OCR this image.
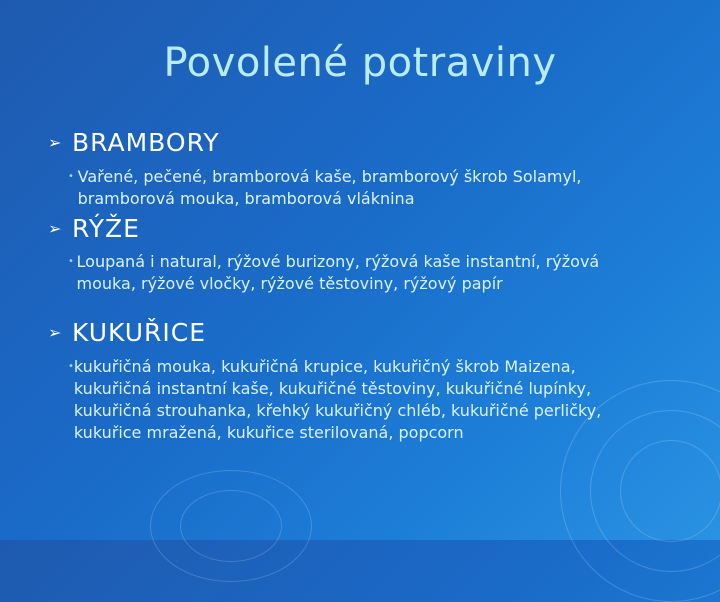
Povolené potraviny
➢ BRAMBORY
• Vařené, pečené, bramborová kaše, bramborový škrob Solamyl, bramborová mouka, bramborová vláknina
➢ RÝŽE
• Loupaná i natural, rýžové burizony, rýžová kaše instantní, rýžová mouka, rýžové vločky, rýžové těstoviny, rýžový papír
➢ KUKUŘICE
• kukuřičná mouka, kukuřičná krupice, kukuřičný škrob Maizena, kukuřičná instantní kaše, kukuřičné těstoviny, kukuřičné lupínky, kukuřičná strouhanka, křehký kukuřičný chléb, kukuřičné perličky, kukuřice mražená, kukuřice sterilovaná, popcorn
